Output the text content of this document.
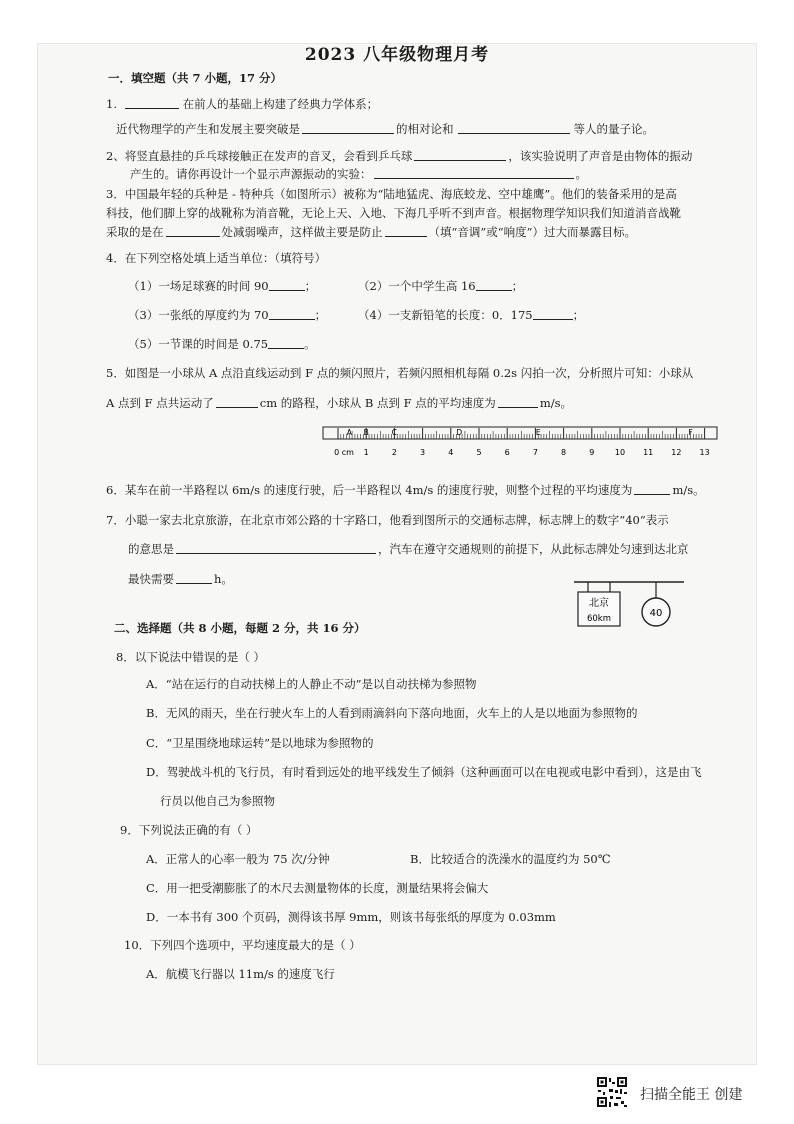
2023 八年级物理月考
一．填空题（共 7 小题，17 分）
1.	在前人的基础上构建了经典力学体系；
近代物理学的产生和发展主要突破是	的相对论和	等人的量子论。
2、将竖直悬挂的乒乓球接触正在发声的音叉，会看到乒乓球	，该实验说明了声音是由物体的振动
产生的。请你再设计一个显示声源振动的实验：	。
3．中国最年轻的兵种是 - 特种兵（如图所示）被称为“陆地猛虎、海底蛟龙、空中雄鹰”。他们的装备采用的是高
科技，他们脚上穿的战靴称为消音靴，无论上天、入地、下海几乎听不到声音。根据物理学知识我们知道消音战靴
采取的是在	处减弱噪声，这样做主要是防止	（填“音调”或“响度”）过大而暴露目标。
4．在下列空格处填上适当单位：（填符号）
（1）一场足球赛的时间 90	；	（2）一个中学生高 16	；
（3）一张纸的厚度约为 70	；	（4）一支新铅笔的长度：0．175	；
（5）一节课的时间是 0.75	。
5．如图是一小球从 A 点沿直线运动到 F 点的频闪照片，若频闪照相机每隔 0.2s 闪拍一次，分析照片可知：小球从
A 点到 F 点共运动了	cm 的路程，小球从 B 点到 F 点的平均速度为	m/s。
A B	C	D	E	F
0 cm 1	2	3	4	5	6	7	8	9	10 11 12 13
6．某车在前一半路程以 6m/s 的速度行驶，后一半路程以 4m/s 的速度行驶，则整个过程的平均速度为	m/s。
7．小聪一家去北京旅游，在北京市郊公路的十字路口，他看到图所示的交通标志牌，标志牌上的数字“40”表示
的意思是	，汽车在遵守交通规则的前提下，从此标志牌处匀速到达北京
最快需要	h。
北京
60km	40
二、选择题（共 8 小题，每题 2 分，共 16 分）
8．以下说法中错误的是（ ）
A．“站在运行的自动扶梯上的人静止不动”是以自动扶梯为参照物
B．无风的雨天，坐在行驶火车上的人看到雨滴斜向下落向地面，火车上的人是以地面为参照物的
C．“卫星围绕地球运转”是以地球为参照物的
D．驾驶战斗机的飞行员，有时看到远处的地平线发生了倾斜（这种画面可以在电视或电影中看到），这是由飞
行员以他自己为参照物
9．下列说法正确的有（ ）
A．正常人的心率一般为 75 次/分钟	B．比较适合的洗澡水的温度约为 50℃
C．用一把受潮膨胀了的木尺去测量物体的长度，测量结果将会偏大
D．一本书有 300 个页码，测得该书厚 9mm，则该书每张纸的厚度为 0.03mm
10．下列四个选项中，平均速度最大的是（ ）
A．航模飞行器以 11m/s 的速度飞行
扫描全能王 创建
